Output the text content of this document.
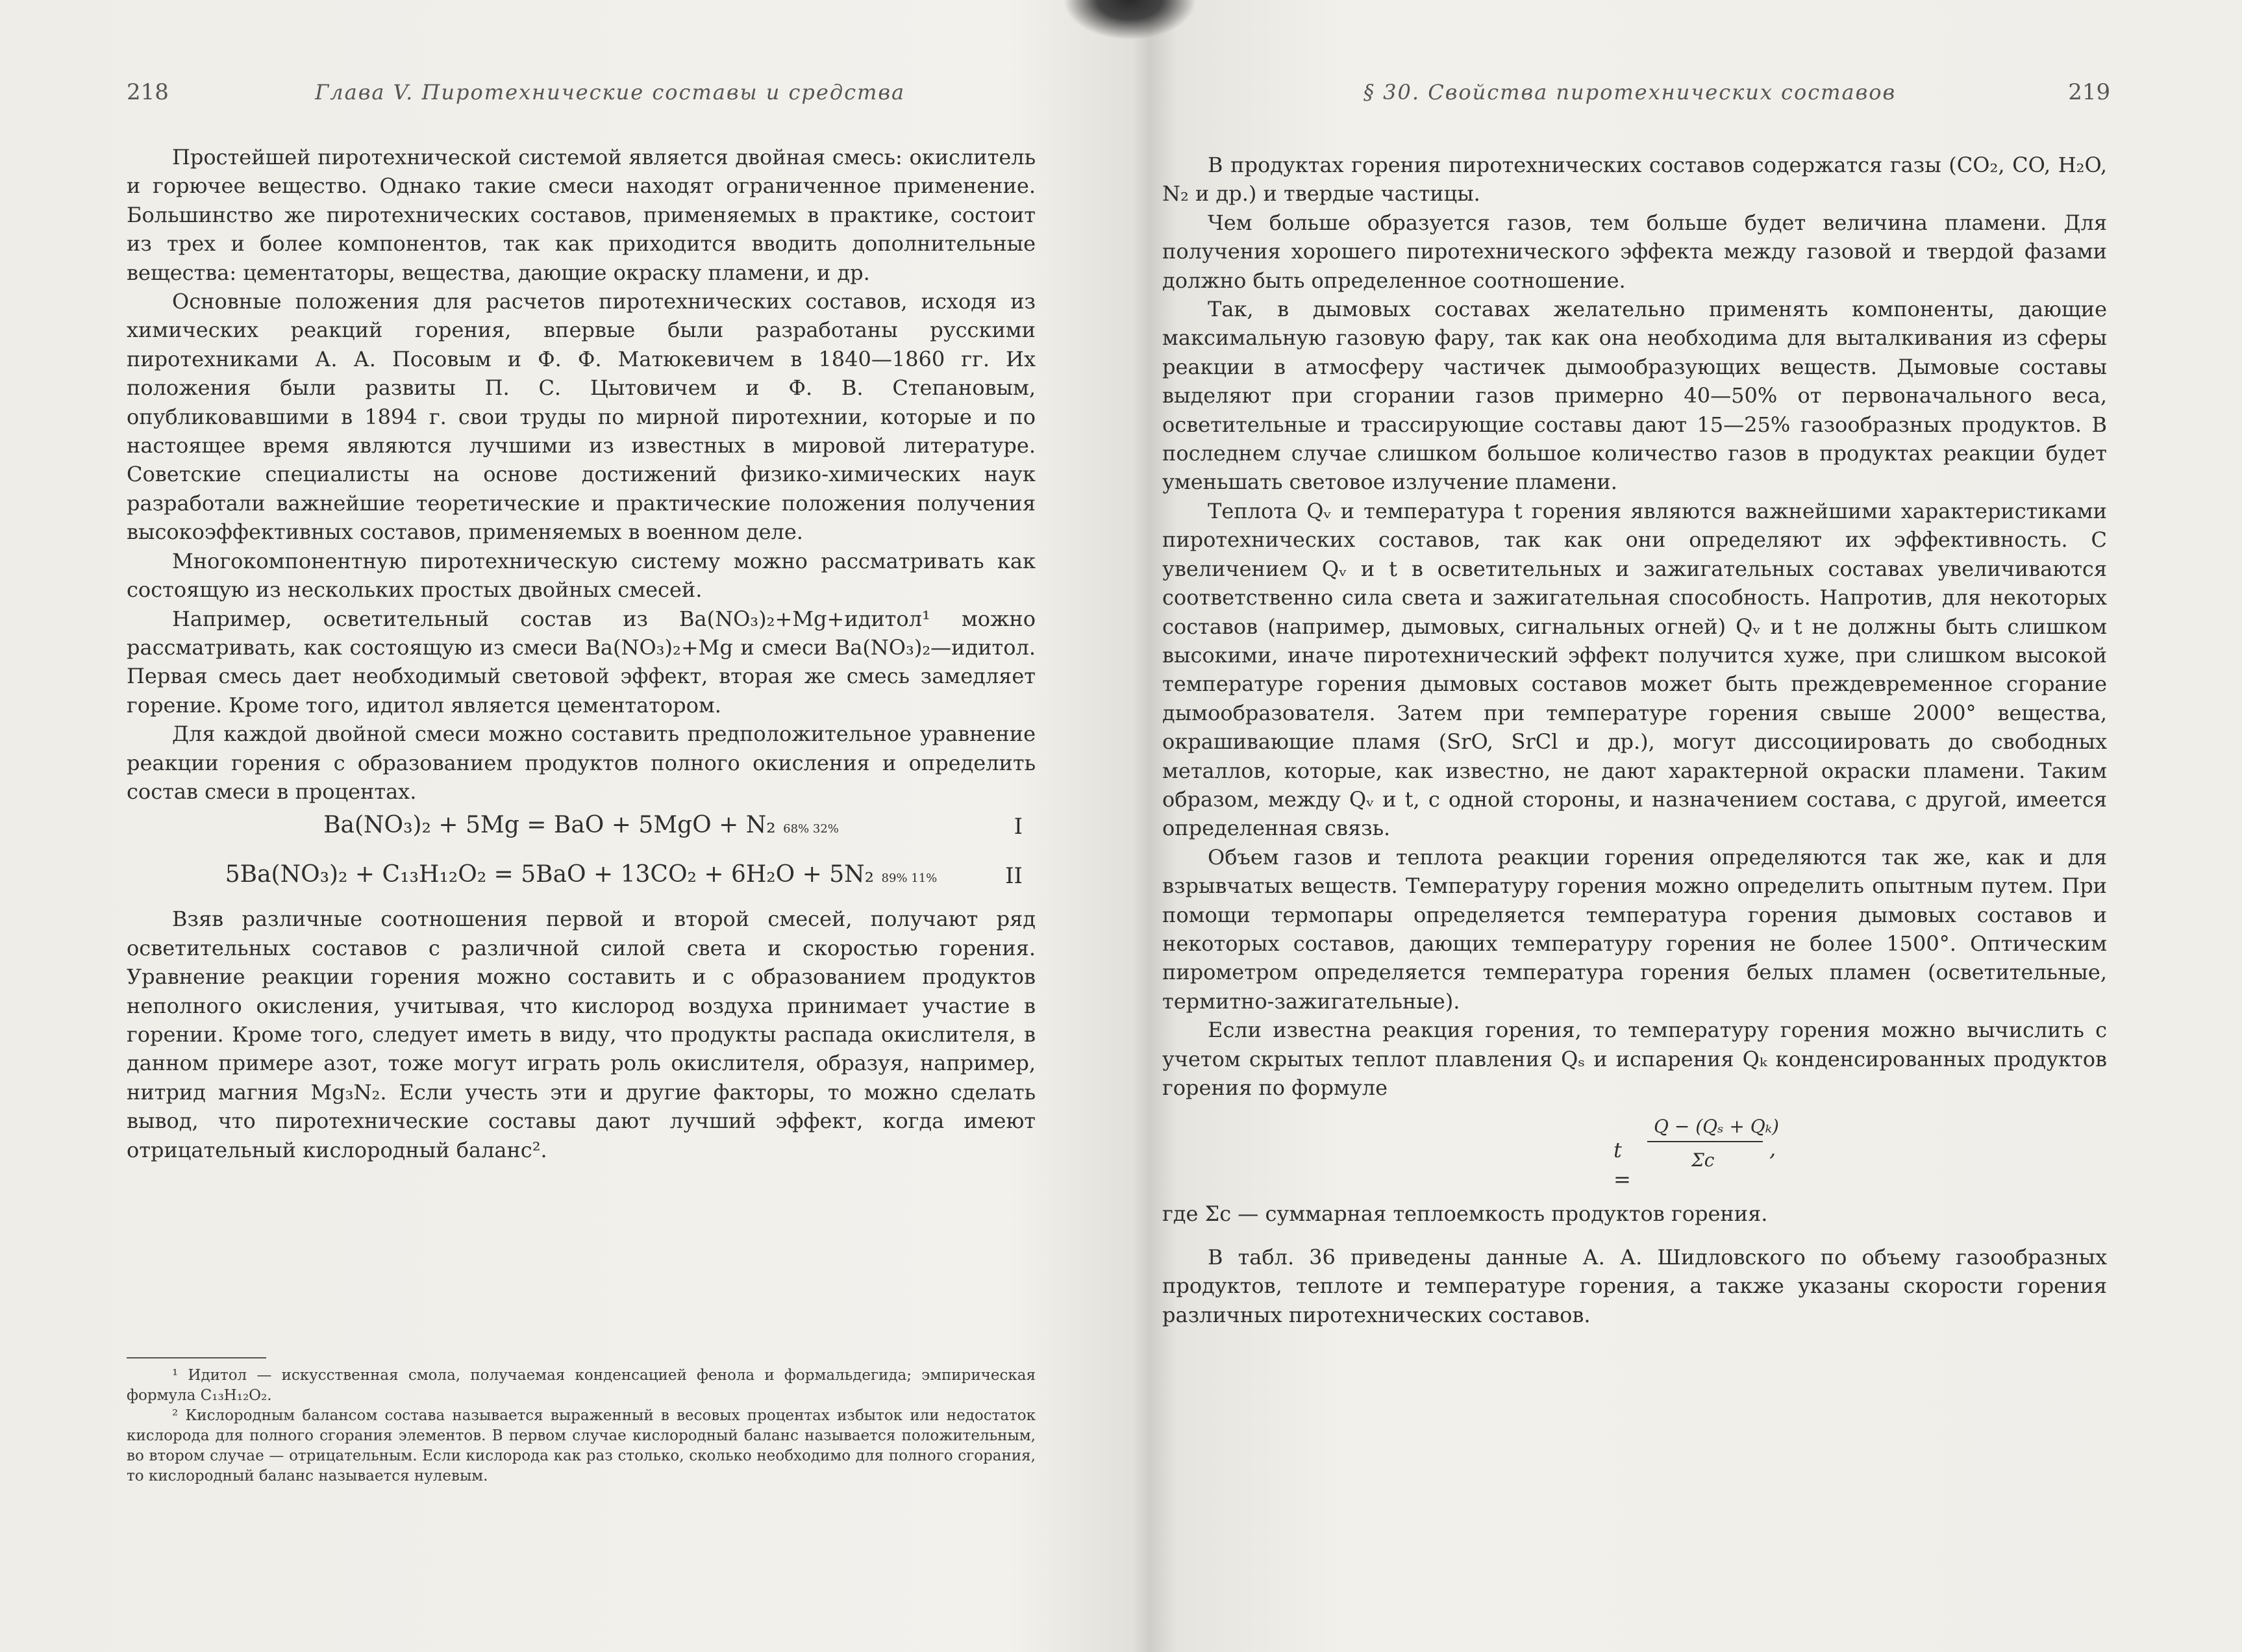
218	Глава V. Пиротехнические составы и средства

Простейшей пиротехнической системой является двойная смесь: окислитель и горючее вещество. Однако такие смеси находят ограниченное применение. Большинство же пиротехнических составов, применяемых в практике, состоит из трех и более компонентов, так как приходится вводить дополнительные вещества: цементаторы, вещества, дающие окраску пламени, и др.

Основные положения для расчетов пиротехнических составов, исходя из химических реакций горения, впервые были разработаны русскими пиротехниками А. А. Посовым и Ф. Ф. Матюкевичем в 1840—1860 гг. Их положения были развиты П. С. Цытовичем и Ф. В. Степановым, опубликовавшими в 1894 г. свои труды по мирной пиротехнии, которые и по настоящее время являются лучшими из известных в мировой литературе. Советские специалисты на основе достижений физико-химических наук разработали важнейшие теоретические и практические положения получения высокоэффективных составов, применяемых в военном деле.

Многокомпонентную пиротехническую систему можно рассматривать как состоящую из нескольких простых двойных смесей.

Например, осветительный состав из Ba(NO₃)₂+Mg+идитол¹ можно рассматривать, как состоящую из смеси Ba(NO₃)₂+Mg и смеси Ba(NO₃)₂—идитол. Первая смесь дает необходимый световой эффект, вторая же смесь замедляет горение. Кроме того, идитол является цементатором.

Для каждой двойной смеси можно составить предположительное уравнение реакции горения с образованием продуктов полного окисления и определить состав смеси в процентах.

Ba(NO₃)₂ + 5Mg = BaO + 5MgO + N₂ 68% 32%	I
5Ba(NO₃)₂ + C₁₃H₁₂O₂ = 5BaO + 13CO₂ + 6H₂O + 5N₂ 89% 11%	II

Взяв различные соотношения первой и второй смесей, получают ряд осветительных составов с различной силой света и скоростью горения. Уравнение реакции горения можно составить и с образованием продуктов неполного окисления, учитывая, что кислород воздуха принимает участие в горении. Кроме того, следует иметь в виду, что продукты распада окислителя, в данном примере азот, тоже могут играть роль окислителя, образуя, например, нитрид магния Mg₃N₂. Если учесть эти и другие факторы, то можно сделать вывод, что пиротехнические составы дают лучший эффект, когда имеют отрицательный кислородный баланс².

¹ Идитол — искусственная смола, получаемая конденсацией фенола и формальдегида; эмпирическая формула C₁₃H₁₂O₂.

² Кислородным балансом состава называется выраженный в весовых процентах избыток или недостаток кислорода для полного сгорания элементов. В первом случае кислородный баланс называется положительным, во втором случае — отрицательным. Если кислорода как раз столько, сколько необходимо для полного сгорания, то кислородный баланс называется нулевым.

§ 30. Свойства пиротехнических составов	219

В продуктах горения пиротехнических составов содержатся газы (CO₂, CO, H₂O, N₂ и др.) и твердые частицы.

Чем больше образуется газов, тем больше будет величина пламени. Для получения хорошего пиротехнического эффекта между газовой и твердой фазами должно быть определенное соотношение.

Так, в дымовых составах желательно применять компоненты, дающие максимальную газовую фару, так как она необходима для выталкивания из сферы реакции в атмосферу частичек дымообразующих веществ. Дымовые составы выделяют при сгорании газов примерно 40—50% от первоначального веса, осветительные и трассирующие составы дают 15—25% газообразных продуктов. В последнем случае слишком большое количество газов в продуктах реакции будет уменьшать световое излучение пламени.

Теплота Qᵥ и температура t горения являются важнейшими характеристиками пиротехнических составов, так как они определяют их эффективность. С увеличением Qᵥ и t в осветительных и зажигательных составах увеличиваются соответственно сила света и зажигательная способность. Напротив, для некоторых составов (например, дымовых, сигнальных огней) Qᵥ и t не должны быть слишком высокими, иначе пиротехнический эффект получится хуже, при слишком высокой температуре горения дымовых составов может быть преждевременное сгорание дымообразователя. Затем при температуре горения свыше 2000° вещества, окрашивающие пламя (SrO, SrCl и др.), могут диссоциировать до свободных металлов, которые, как известно, не дают характерной окраски пламени. Таким образом, между Qᵥ и t, с одной стороны, и назначением состава, с другой, имеется определенная связь.

Объем газов и теплота реакции горения определяются так же, как и для взрывчатых веществ. Температуру горения можно определить опытным путем. При помощи термопары определяется температура горения дымовых составов и некоторых составов, дающих температуру горения не более 1500°. Оптическим пирометром определяется температура горения белых пламен (осветительные, термитно-зажигательные).

Если известна реакция горения, то температуру горения можно вычислить с учетом скрытых теплот плавления Qₛ и испарения Qₖ конденсированных продуктов горения по формуле

t =
Q − (Qₛ + Qₖ)
Σc	,

где Σc — суммарная теплоемкость продуктов горения.

В табл. 36 приведены данные А. А. Шидловского по объему газообразных продуктов, теплоте и температуре горения, а также указаны скорости горения различных пиротехнических составов.
